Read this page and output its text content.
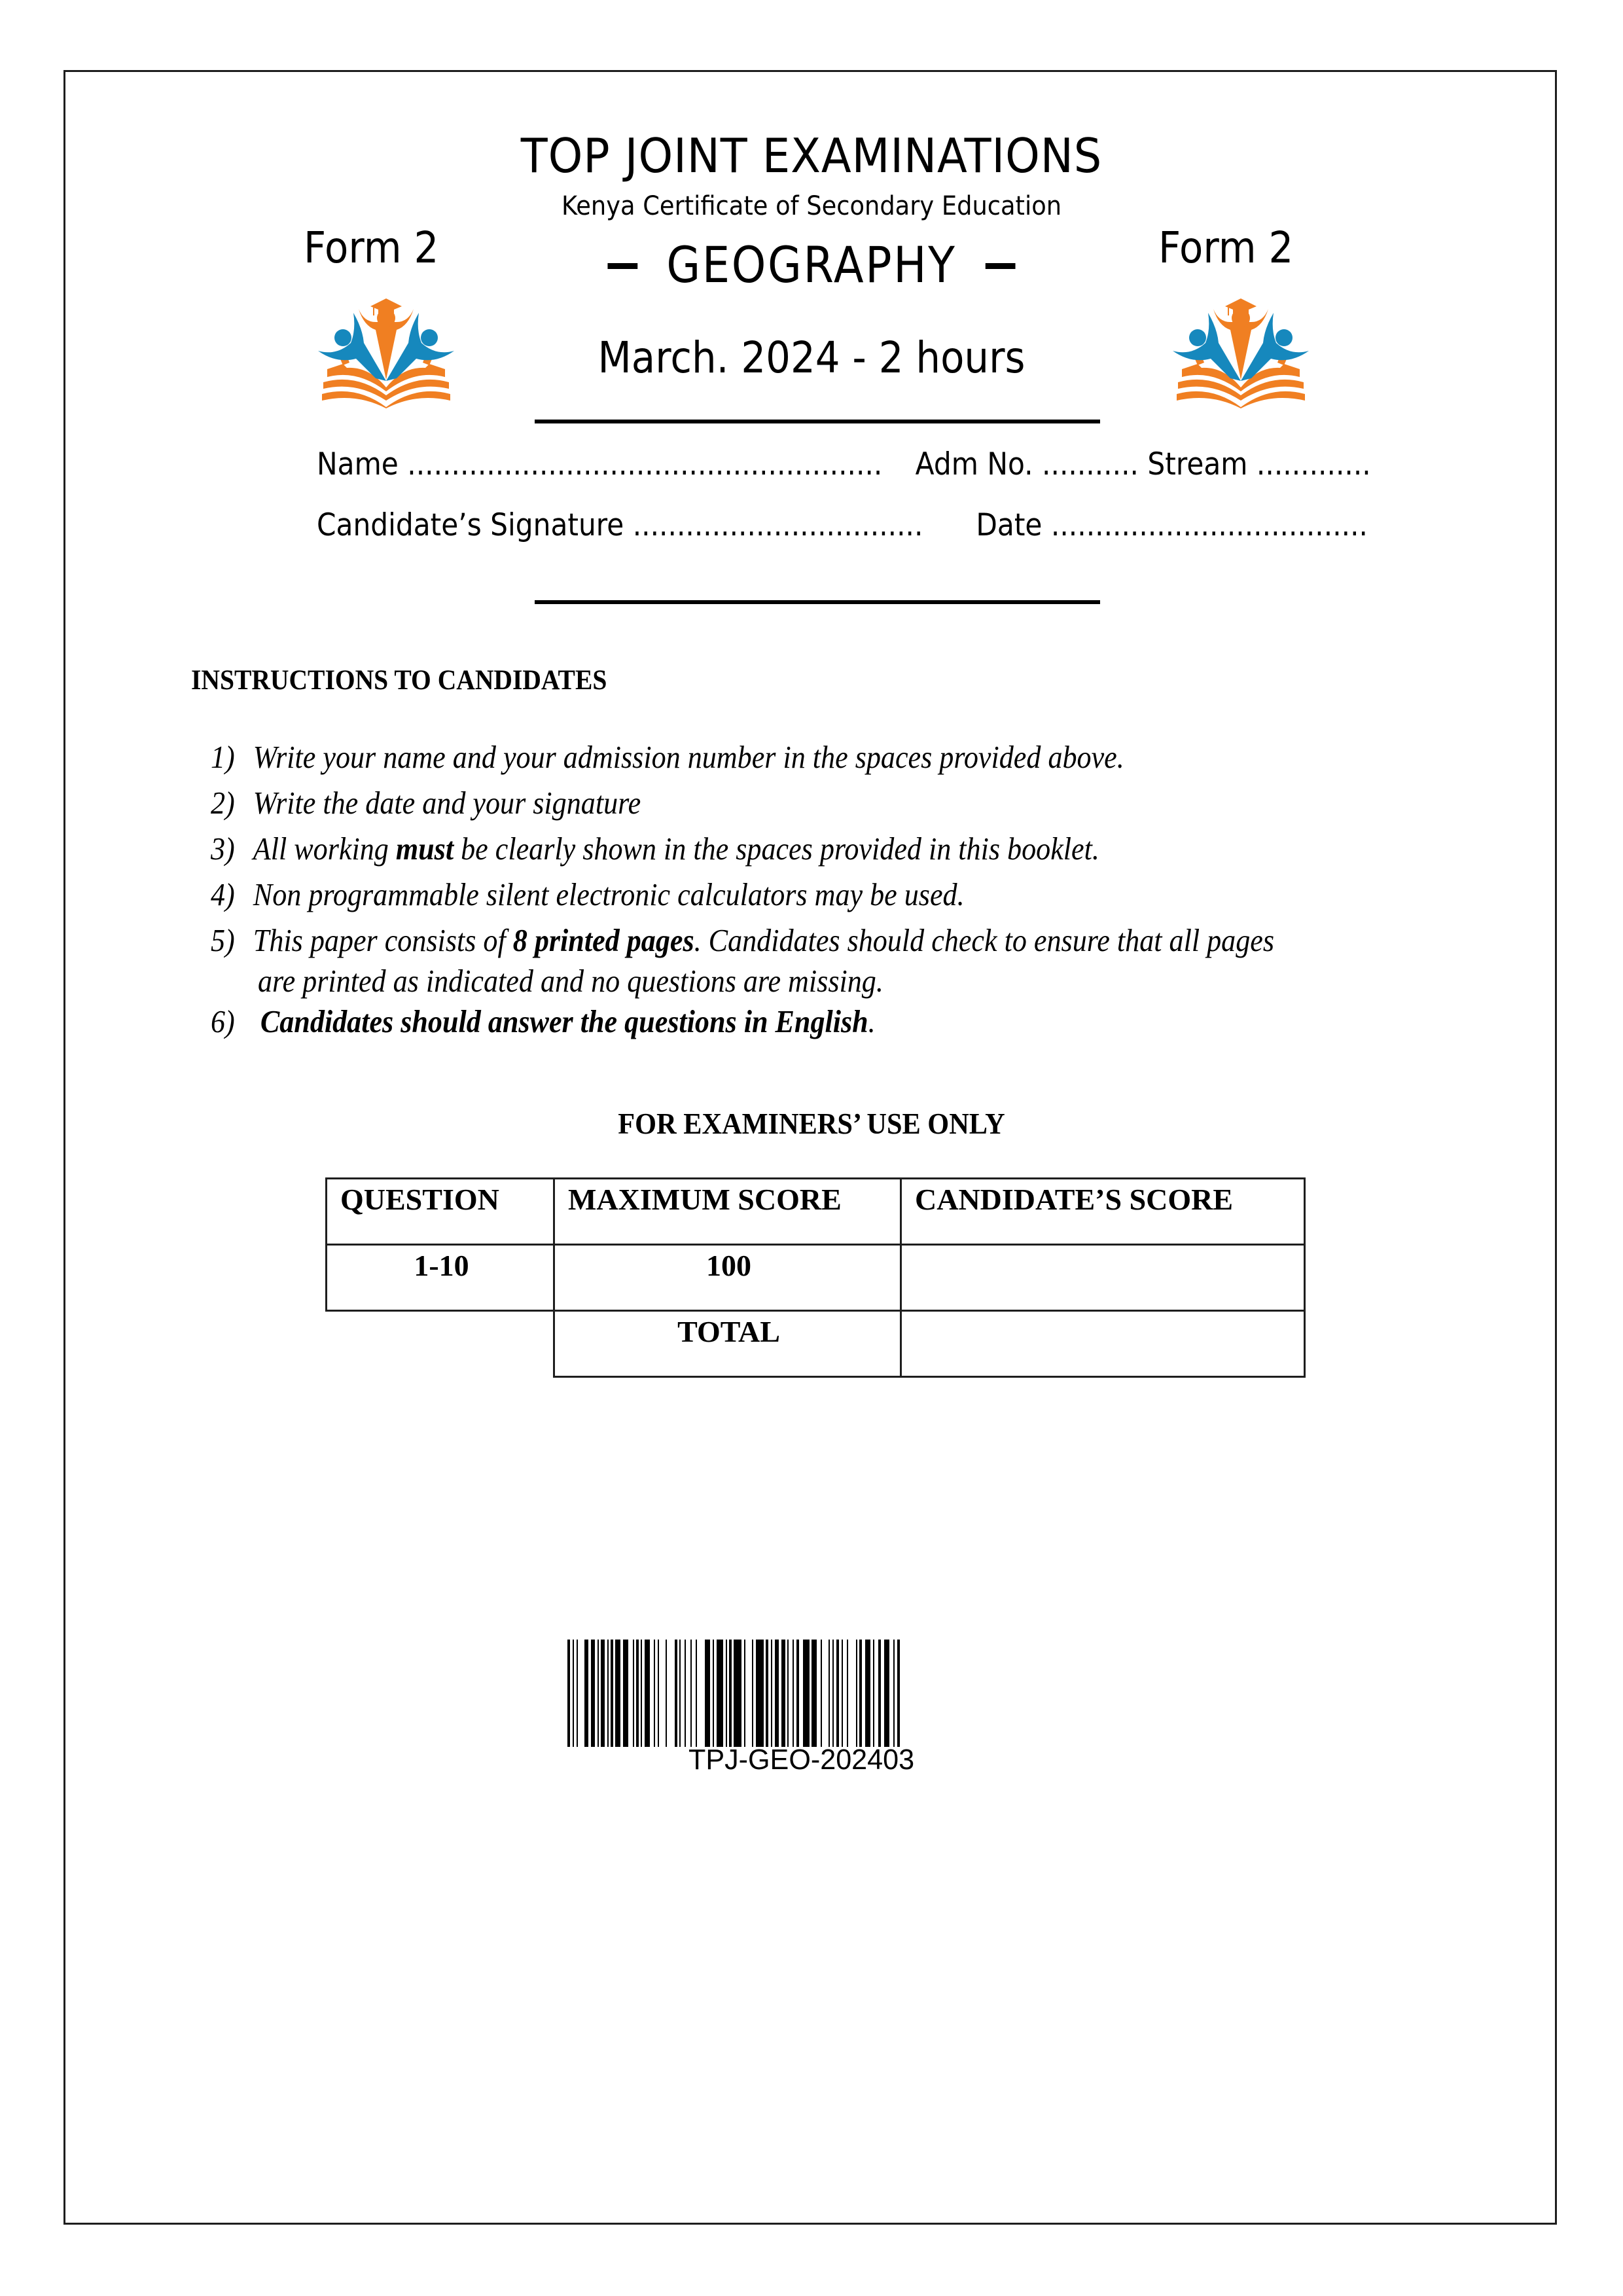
TOP JOINT EXAMINATIONS
Kenya Certificate of Secondary Education
Form 2	Form 2
GEOGRAPHY
March. 2024 - 2 hours
Name ...................................................... Adm No. ........... Stream .............
Candidate’s Signature ................................. Date ....................................
INSTRUCTIONS TO CANDIDATES
1) Write your name and your admission number in the spaces provided above.
2) Write the date and your signature
3) All working must be clearly shown in the spaces provided in this booklet.
4) Non programmable silent electronic calculators may be used.
5) This paper consists of 8 printed pages. Candidates should check to ensure that all pages
are printed as indicated and no questions are missing.
6) Candidates should answer the questions in English.
FOR EXAMINERS’ USE ONLY
QUESTION	MAXIMUM SCORE	CANDIDATE’S SCORE
1-10	100	
	TOTAL	
TPJ-GEO-202403
